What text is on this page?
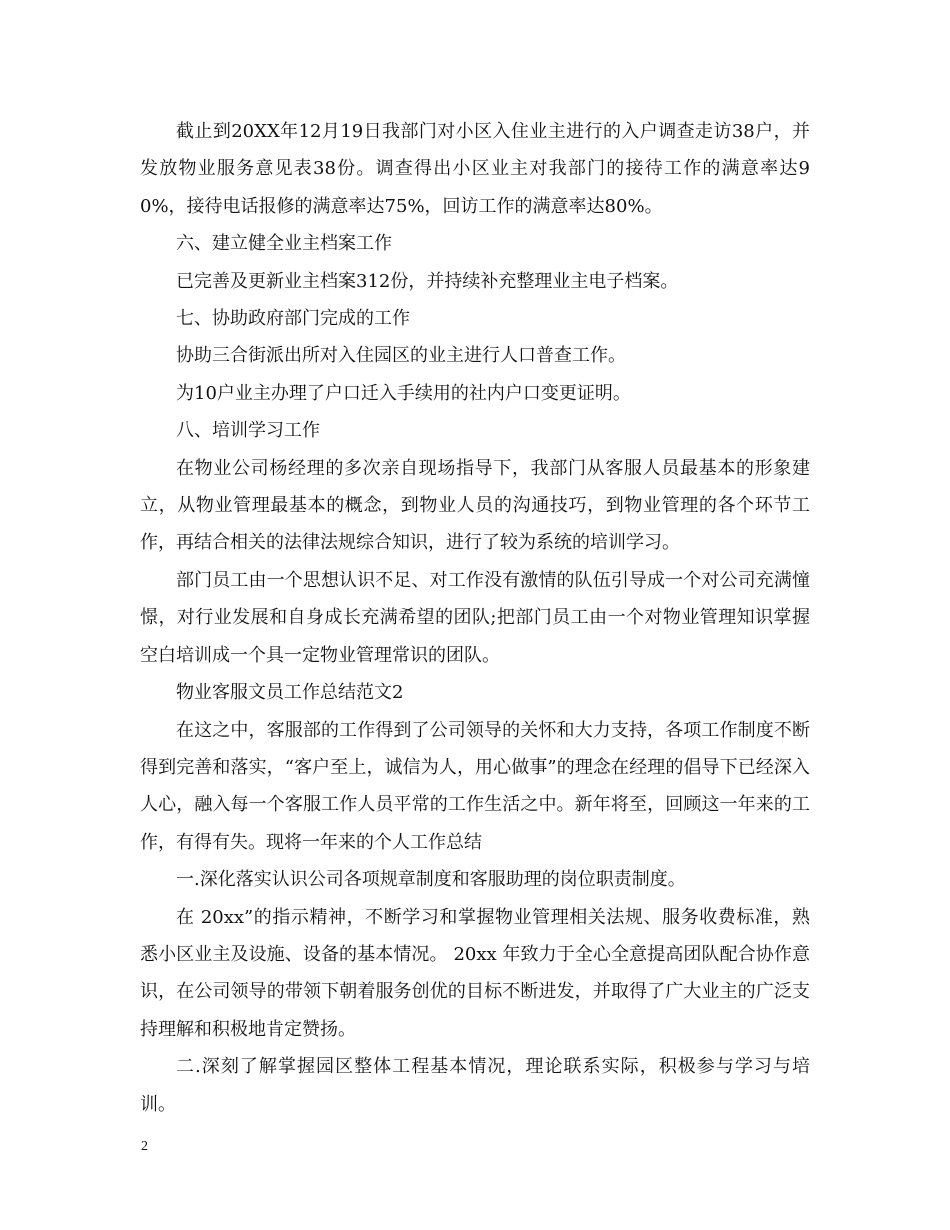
截止到20XX年12月19日我部门对小区入住业主进行的入户调查走访38户，并发放物业服务意见表38份。调查得出小区业主对我部门的接待工作的满意率达90%，接待电话报修的满意率达75%，回访工作的满意率达80%。

六、建立健全业主档案工作

已完善及更新业主档案312份，并持续补充整理业主电子档案。

七、协助政府部门完成的工作

协助三合街派出所对入住园区的业主进行人口普查工作。

为10户业主办理了户口迁入手续用的社内户口变更证明。

八、培训学习工作

在物业公司杨经理的多次亲自现场指导下，我部门从客服人员最基本的形象建立，从物业管理最基本的概念，到物业人员的沟通技巧，到物业管理的各个环节工作，再结合相关的法律法规综合知识，进行了较为系统的培训学习。

部门员工由一个思想认识不足、对工作没有激情的队伍引导成一个对公司充满憧憬，对行业发展和自身成长充满希望的团队;把部门员工由一个对物业管理知识掌握空白培训成一个具一定物业管理常识的团队。

物业客服文员工作总结范文2

在这之中，客服部的工作得到了公司领导的关怀和大力支持，各项工作制度不断得到完善和落实，“客户至上，诚信为人，用心做事”的理念在经理的倡导下已经深入人心，融入每一个客服工作人员平常的工作生活之中。新年将至，回顾这一年来的工作，有得有失。现将一年来的个人工作总结

一.深化落实认识公司各项规章制度和客服助理的岗位职责制度。

在 20xx”的指示精神，不断学习和掌握物业管理相关法规、服务收费标准，熟悉小区业主及设施、设备的基本情况。 20xx 年致力于全心全意提高团队配合协作意识，在公司领导的带领下朝着服务创优的目标不断进发，并取得了广大业主的广泛支持理解和积极地肯定赞扬。

二.深刻了解掌握园区整体工程基本情况，理论联系实际，积极参与学习与培训。

2
